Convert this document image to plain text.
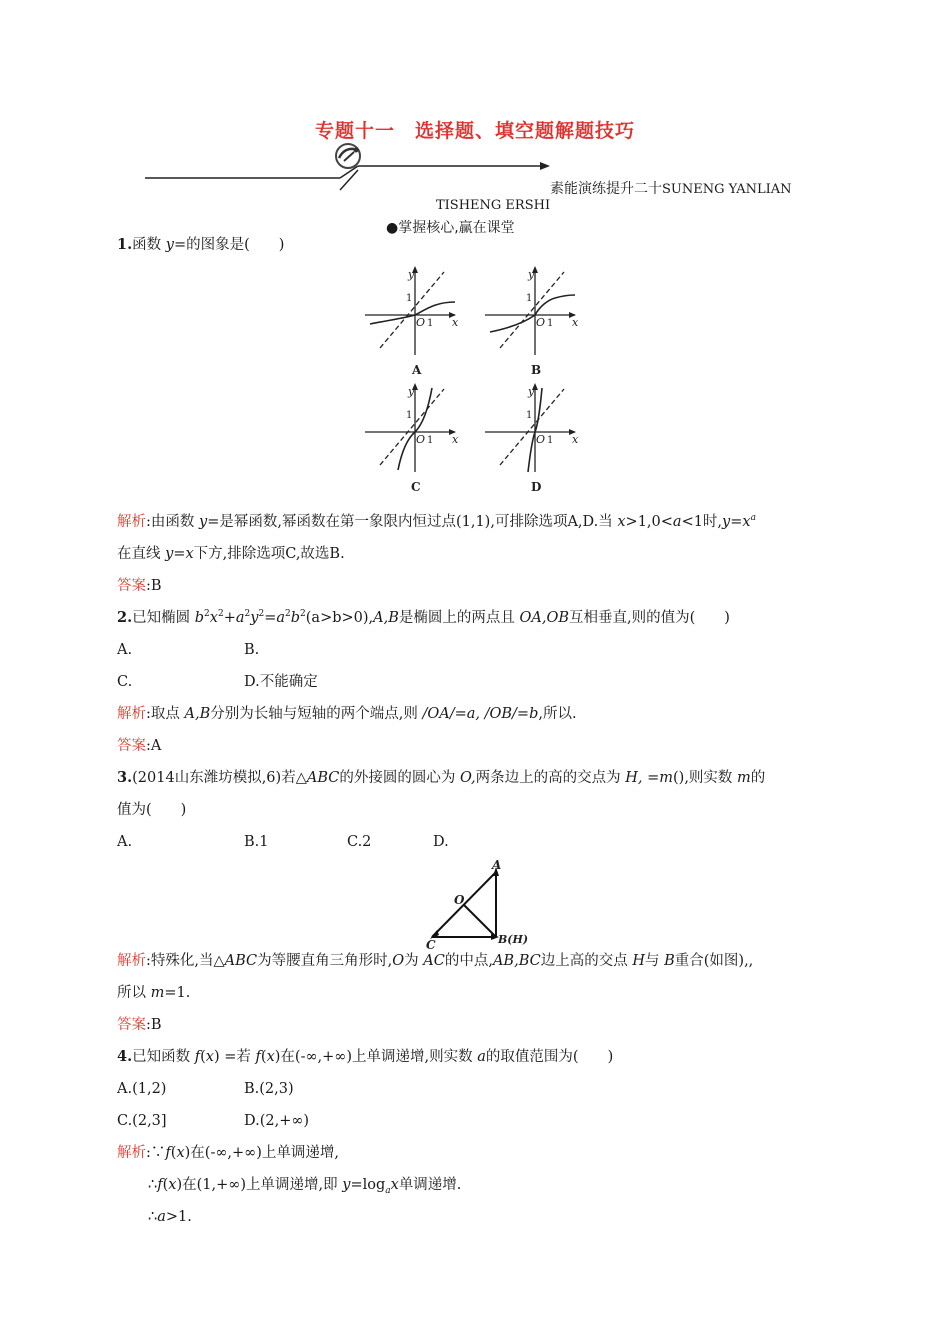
专题十一　选择题、填空题解题技巧
素能演练提升二十SUNENG YANLIAN
TISHENG ERSHI
●掌握核心,赢在课堂
1.函数 y=的图象是(　　)
y
x
O 1
1
A
y
x
O 1
1
B
y
x
O 1
1
C
y
x
O 1
1
D
解析:由函数 y=是幂函数,幂函数在第一象限内恒过点(1,1),可排除选项A,D.当 x>1,0<a<1时$,y=x^a$
在直线 y=x下方,排除选项C,故选B.
答案:B
2.已知椭圆 $b^2x^2+a^2y^2=a^2b^2(a>b>0),A,B$是椭圆上的两点且 OA,OB互相垂直,则的值为(　　)
A.	B.
C.	D.不能确定
解析:取点 A,B分别为长轴与短轴的两个端点,则 /OA/=a, /OB/=b,所以.
答案:A
3.(2014山东潍坊模拟,6)若△ABC的外接圆的圆心为 O,两条边上的高的交点为 H, =m(),则实数 m的
值为(　　)
A.	B.1	C.2	D.
A
O
C	B(H)
解析:特殊化,当△ABC为等腰直角三角形时,O为 AC的中点,AB,BC边上高的交点 H与 B重合(如图),,
所以 m=1.
答案:B
4.已知函数 f(x) =若 f(x)在(-∞,+∞)上单调递增,则实数 a的取值范围为(　　)
A.(1,2)	B.(2,3)
C.(2,3]	D.(2,+∞)
解析:∵f(x)在(-∞,+∞)上单调递增,
∴f(x)在(1,+∞)上单调递增,即 $y=\log_ax$单调递增.
∴a>1.
